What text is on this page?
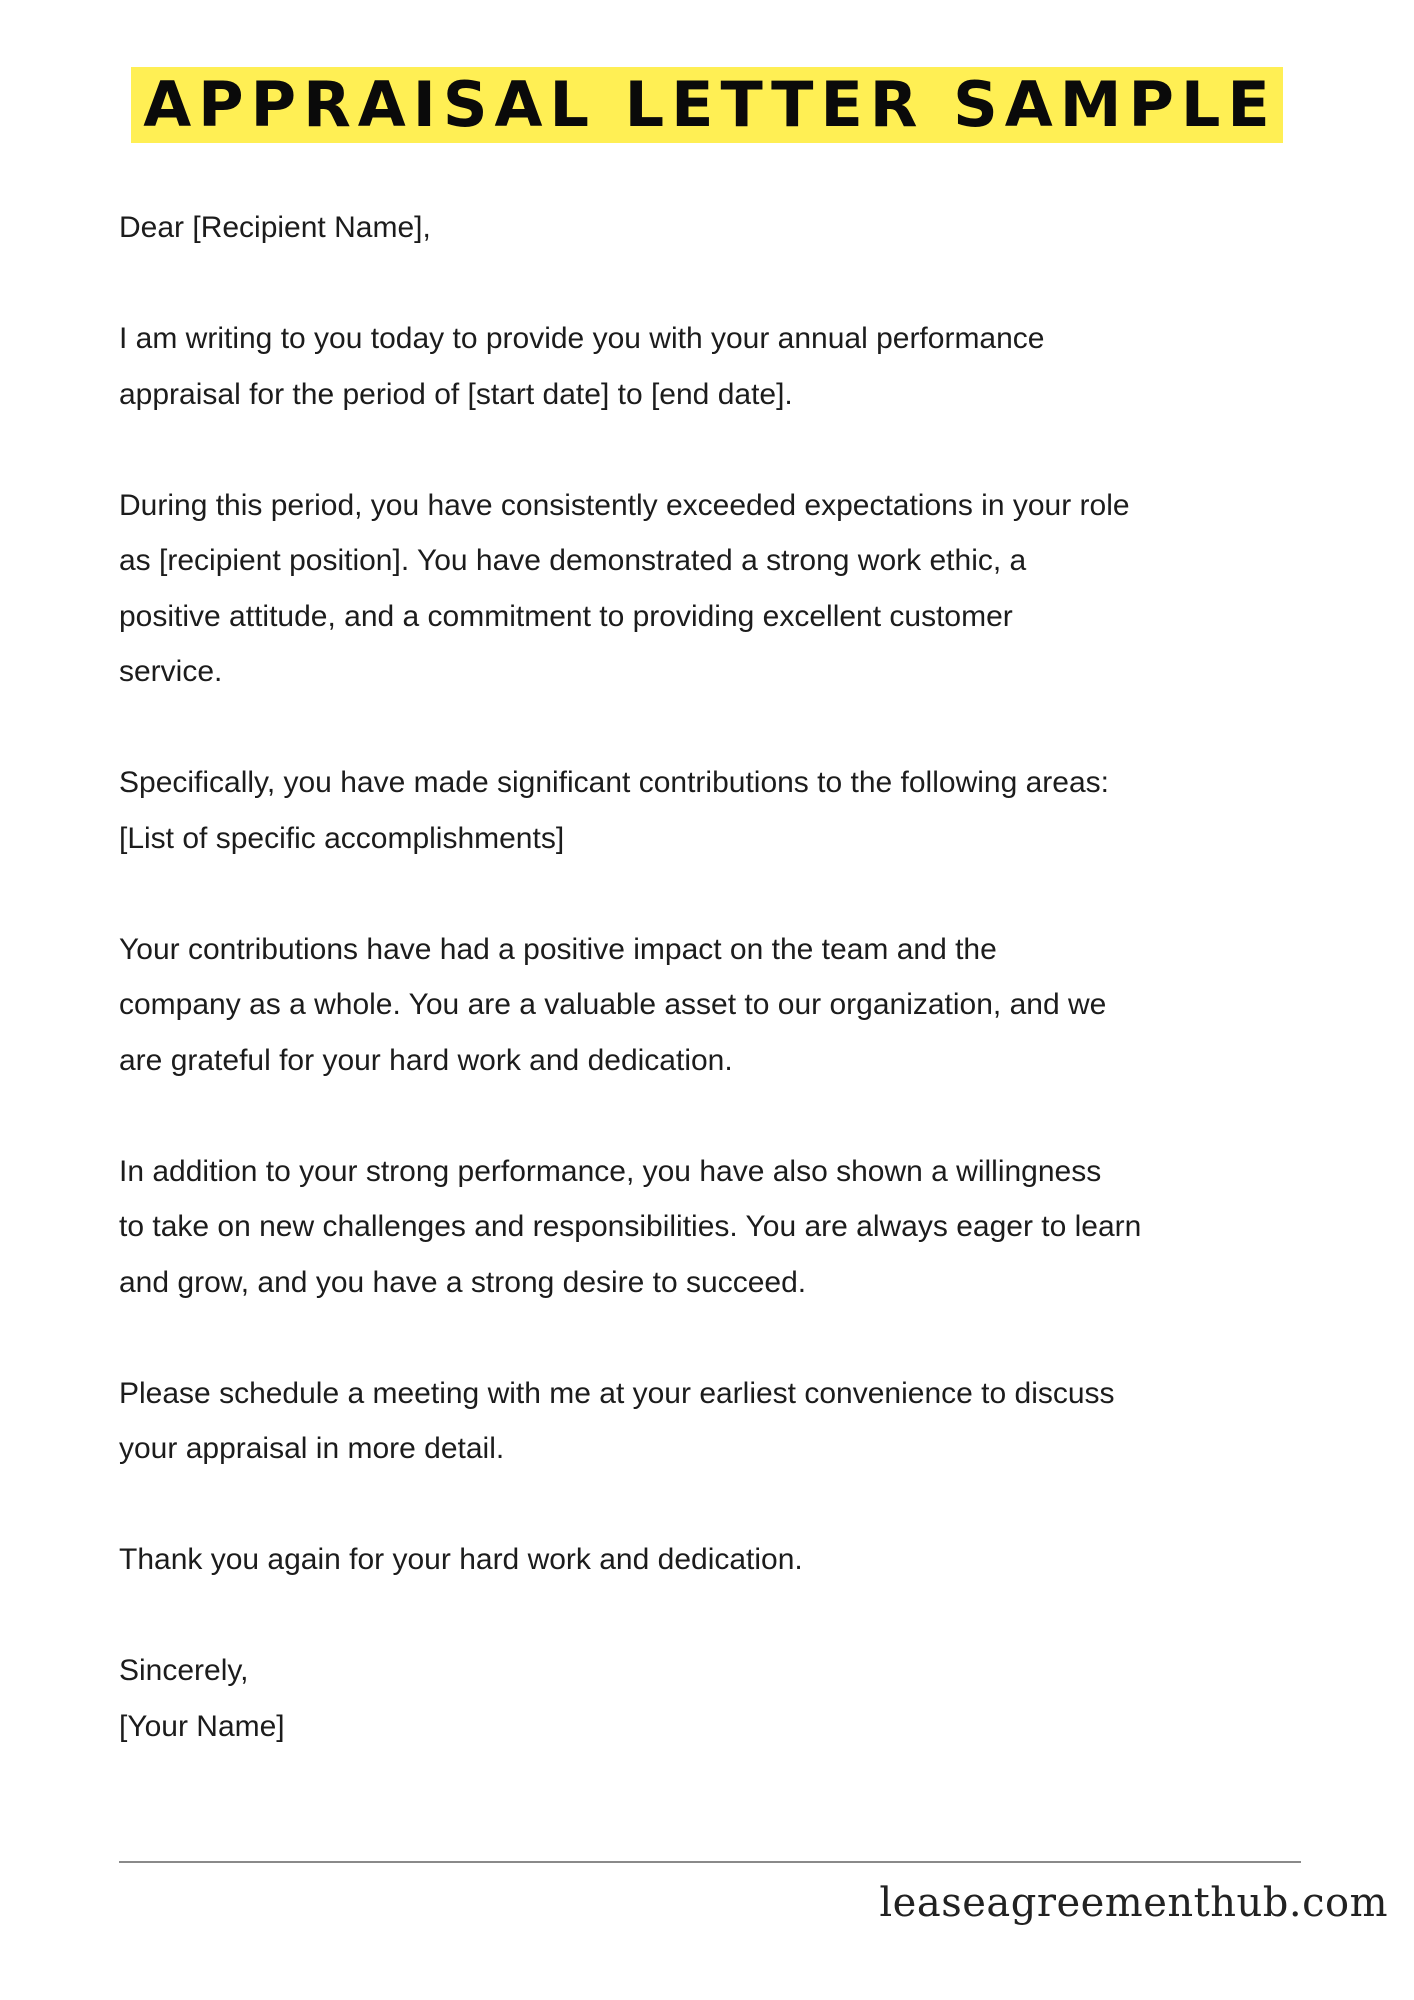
APPRAISAL LETTER SAMPLE
Dear [Recipient Name],
I am writing to you today to provide you with your annual performance
appraisal for the period of [start date] to [end date].
During this period, you have consistently exceeded expectations in your role
as [recipient position]. You have demonstrated a strong work ethic, a
positive attitude, and a commitment to providing excellent customer
service.
Specifically, you have made significant contributions to the following areas:
[List of specific accomplishments]
Your contributions have had a positive impact on the team and the
company as a whole. You are a valuable asset to our organization, and we
are grateful for your hard work and dedication.
In addition to your strong performance, you have also shown a willingness
to take on new challenges and responsibilities. You are always eager to learn
and grow, and you have a strong desire to succeed.
Please schedule a meeting with me at your earliest convenience to discuss
your appraisal in more detail.
Thank you again for your hard work and dedication.
Sincerely,
[Your Name]
leaseagreementhub.com
